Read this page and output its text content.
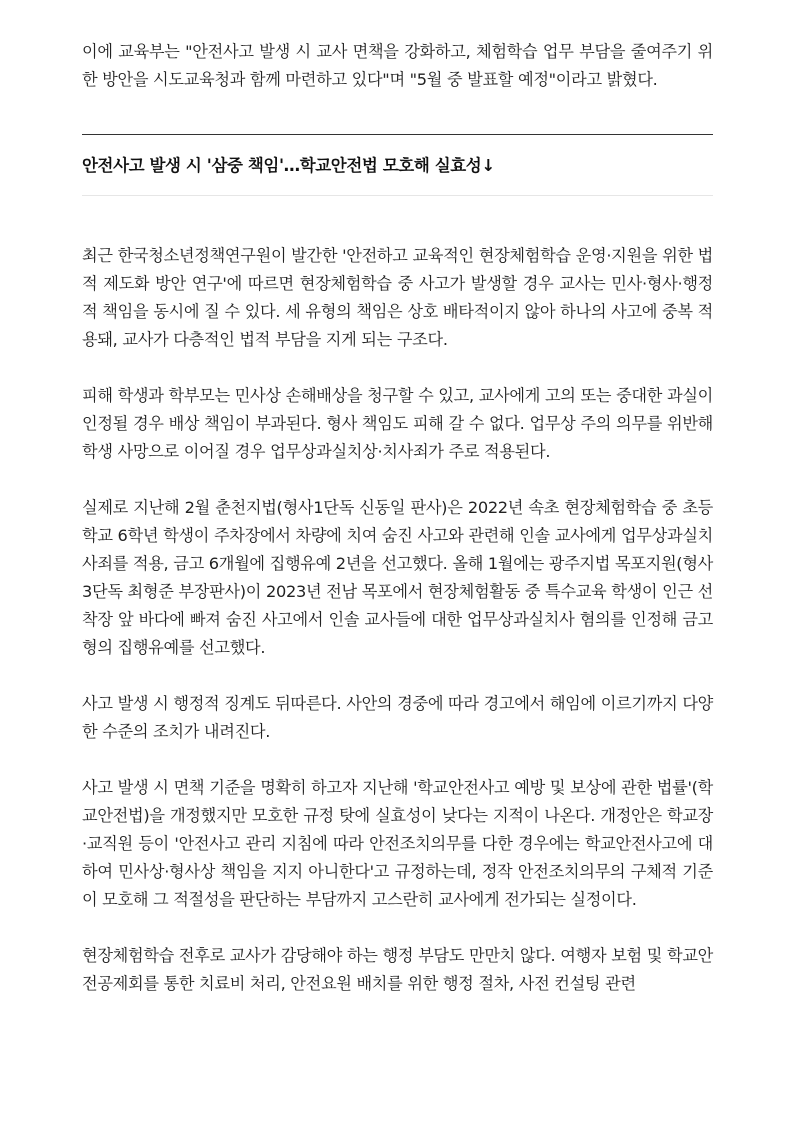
이에 교육부는 "안전사고 발생 시 교사 면책을 강화하고, 체험학습 업무 부담을 줄여주기 위한 방안을 시도교육청과 함께 마련하고 있다"며 "5월 중 발표할 예정"이라고 밝혔다.

안전사고 발생 시 '삼중 책임'…학교안전법 모호해 실효성↓

최근 한국청소년정책연구원이 발간한 '안전하고 교육적인 현장체험학습 운영·지원을 위한 법적 제도화 방안 연구'에 따르면 현장체험학습 중 사고가 발생할 경우 교사는 민사·형사·행정적 책임을 동시에 질 수 있다. 세 유형의 책임은 상호 배타적이지 않아 하나의 사고에 중복 적용돼, 교사가 다층적인 법적 부담을 지게 되는 구조다.

피해 학생과 학부모는 민사상 손해배상을 청구할 수 있고, 교사에게 고의 또는 중대한 과실이 인정될 경우 배상 책임이 부과된다. 형사 책임도 피해 갈 수 없다. 업무상 주의 의무를 위반해 학생 사망으로 이어질 경우 업무상과실치상·치사죄가 주로 적용된다.

실제로 지난해 2월 춘천지법(형사1단독 신동일 판사)은 2022년 속초 현장체험학습 중 초등학교 6학년 학생이 주차장에서 차량에 치여 숨진 사고와 관련해 인솔 교사에게 업무상과실치사죄를 적용, 금고 6개월에 집행유예 2년을 선고했다. 올해 1월에는 광주지법 목포지원(형사3단독 최형준 부장판사)이 2023년 전남 목포에서 현장체험활동 중 특수교육 학생이 인근 선착장 앞 바다에 빠져 숨진 사고에서 인솔 교사들에 대한 업무상과실치사 혐의를 인정해 금고형의 집행유예를 선고했다.

사고 발생 시 행정적 징계도 뒤따른다. 사안의 경중에 따라 경고에서 해임에 이르기까지 다양한 수준의 조치가 내려진다.

사고 발생 시 면책 기준을 명확히 하고자 지난해 '학교안전사고 예방 및 보상에 관한 법률'(학교안전법)을 개정했지만 모호한 규정 탓에 실효성이 낮다는 지적이 나온다. 개정안은 학교장·교직원 등이 '안전사고 관리 지침에 따라 안전조치의무를 다한 경우에는 학교안전사고에 대하여 민사상·형사상 책임을 지지 아니한다'고 규정하는데, 정작 안전조치의무의 구체적 기준이 모호해 그 적절성을 판단하는 부담까지 고스란히 교사에게 전가되는 실정이다.

현장체험학습 전후로 교사가 감당해야 하는 행정 부담도 만만치 않다. 여행자 보험 및 학교안전공제회를 통한 치료비 처리, 안전요원 배치를 위한 행정 절차, 사전 컨설팅 관련
